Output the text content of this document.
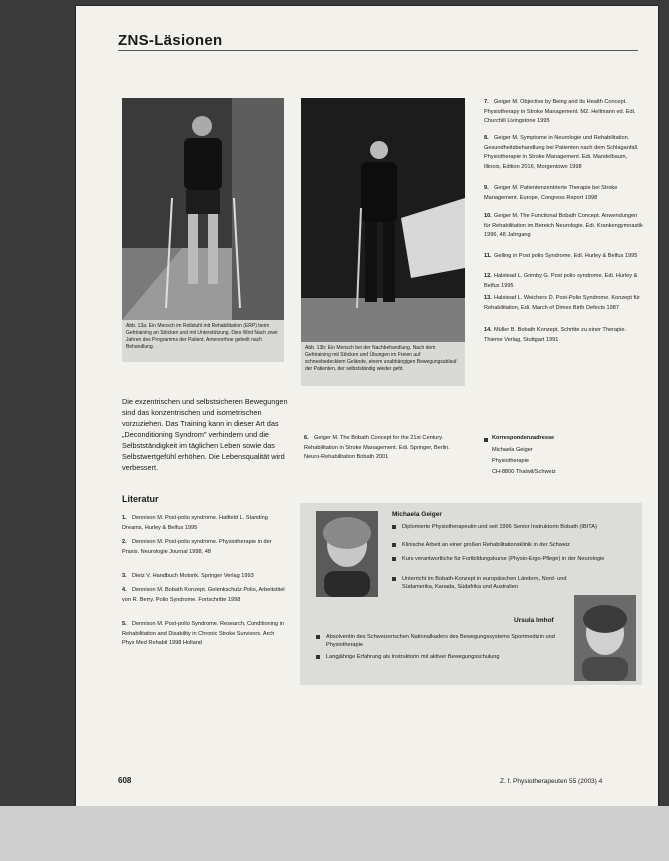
ZNS-Läsionen
Abb. 13a: Ein Mensch im Rollstuhl mit Rehabilitation (ERP) beim Gehtraining an Stöcken und mit Unterstützung. Dies Wird Nach zwei Jahren des Programms der Patient. Amenorrhoe geheilt nach Behandlung.	Abb. 13b: Ein Mensch bei der Nachbehandlung. Nach dem Gehtraining mit Stöcken und Übungen im Freien auf schneebedecktem Gelände, einem unabhängigen Bewegungsablauf der Patienten, der selbstständig wieder geht.
Die exzentrischen und selbstsicheren Bewegungen sind das konzentrischen und isometrischen vorzuziehen. Das Training kann in dieser Art das „Deconditioning Syndrom" verhindern und die Selbstständigkeit im täglichen Leben sowie das Selbstwertgefühl erhöhen. Die Lebensqualität wird verbessert.
7. Geiger M. Objective by Being and Its Health Concept. Physiotherapy in Stroke Management. M2. Hellmann ed. Edi. Churchill Livingstone 1995
8. Geiger M. Symptome in Neurologie und Rehabilitation. Gesundheitsbehandlung bei Patienten nach dem Schlaganfall. Physiotherapie in Stroke Management. Edi. Mandelbaum, Illinois, Edition 2016, Morgentown 1998
9. Geiger M. Patientenzentrierte Therapie bei Stroke Management. Europe, Congress Report 1998
10. Geiger M. The Functional Bobath Concept. Anwendungen für Rehabilitation im Bereich Neurologie. Edi. Krankengymnastik 1996, 48 Jahrgang
11. Gelling in Post polio Syndrome. Edi. Hurley & Belfus 1995
12. Halstead L. Grimby G. Post polio syndrome. Edi. Hurley & Belfus 1995
13. Halstead L. Weichers D. Post-Polio Syndrome. Konzept für Rehabilitation, Edi. March of Dimes Birth Defects 1987
14. Müller B. Bobath Konzept. Schritte zu einer Therapie. Thieme Verlag, Stuttgart 1991
6. Geiger M. The Bobath Concept for the 21st Century. Rehabilitation in Stroke Management. Edi. Springer, Berlin. Neuro-Rehabilitation Bobath 2001
Korrespondenzadresse
Michaela Geiger
Physiotherapie
CH-8800 Thalwil/Schweiz
Literatur
1. Dennison M. Post-polio syndrome. Hatfield L. Standing Dreams, Hurley & Belfus 1995
2. Dennison M. Post-polio syndrome. Physiotherapie in der Praxis. Neurologie Journal 1998, 48
3. Dietz V. Handbuch Motorik. Springer Verlag 1993
4. Dennison M. Bobath Konzept. Gelenkschutz Polio, Arbeitstitel von R. Berry. Polio Syndrome. Fortschritte 1998
5. Dennison M. Post-polio Syndrome. Research, Conditioning in Rehabilitation and Disability in Chronic Stroke Survivors. Arch Phys Med Rehabil 1998 Holland
Michaela Geiger
Diplomierte Physiotherapeutin und seit 1996 Senior Instruktorin Bobath (IBITA)
Klinische Arbeit an einer großen Rehabilitationsklinik in der Schweiz
Kurs verantwortliche für Fortbildungskurse (Physio-Ergo-Pflege) in der Neurologie
Unterricht im Bobath-Konzept in europäischen Ländern, Nord- und Südamerika, Kanada, Südafrika und Australien
Ursula Imhof
Absolventin des Schweizerischen Nationalkaders des Bewegungssystems Sportmedizin und Physiotherapie
Langjährige Erfahrung als Instruktorin mit aktiver Bewegungsschulung
608	Z. f. Physiotherapeuten 55 (2003) 4
